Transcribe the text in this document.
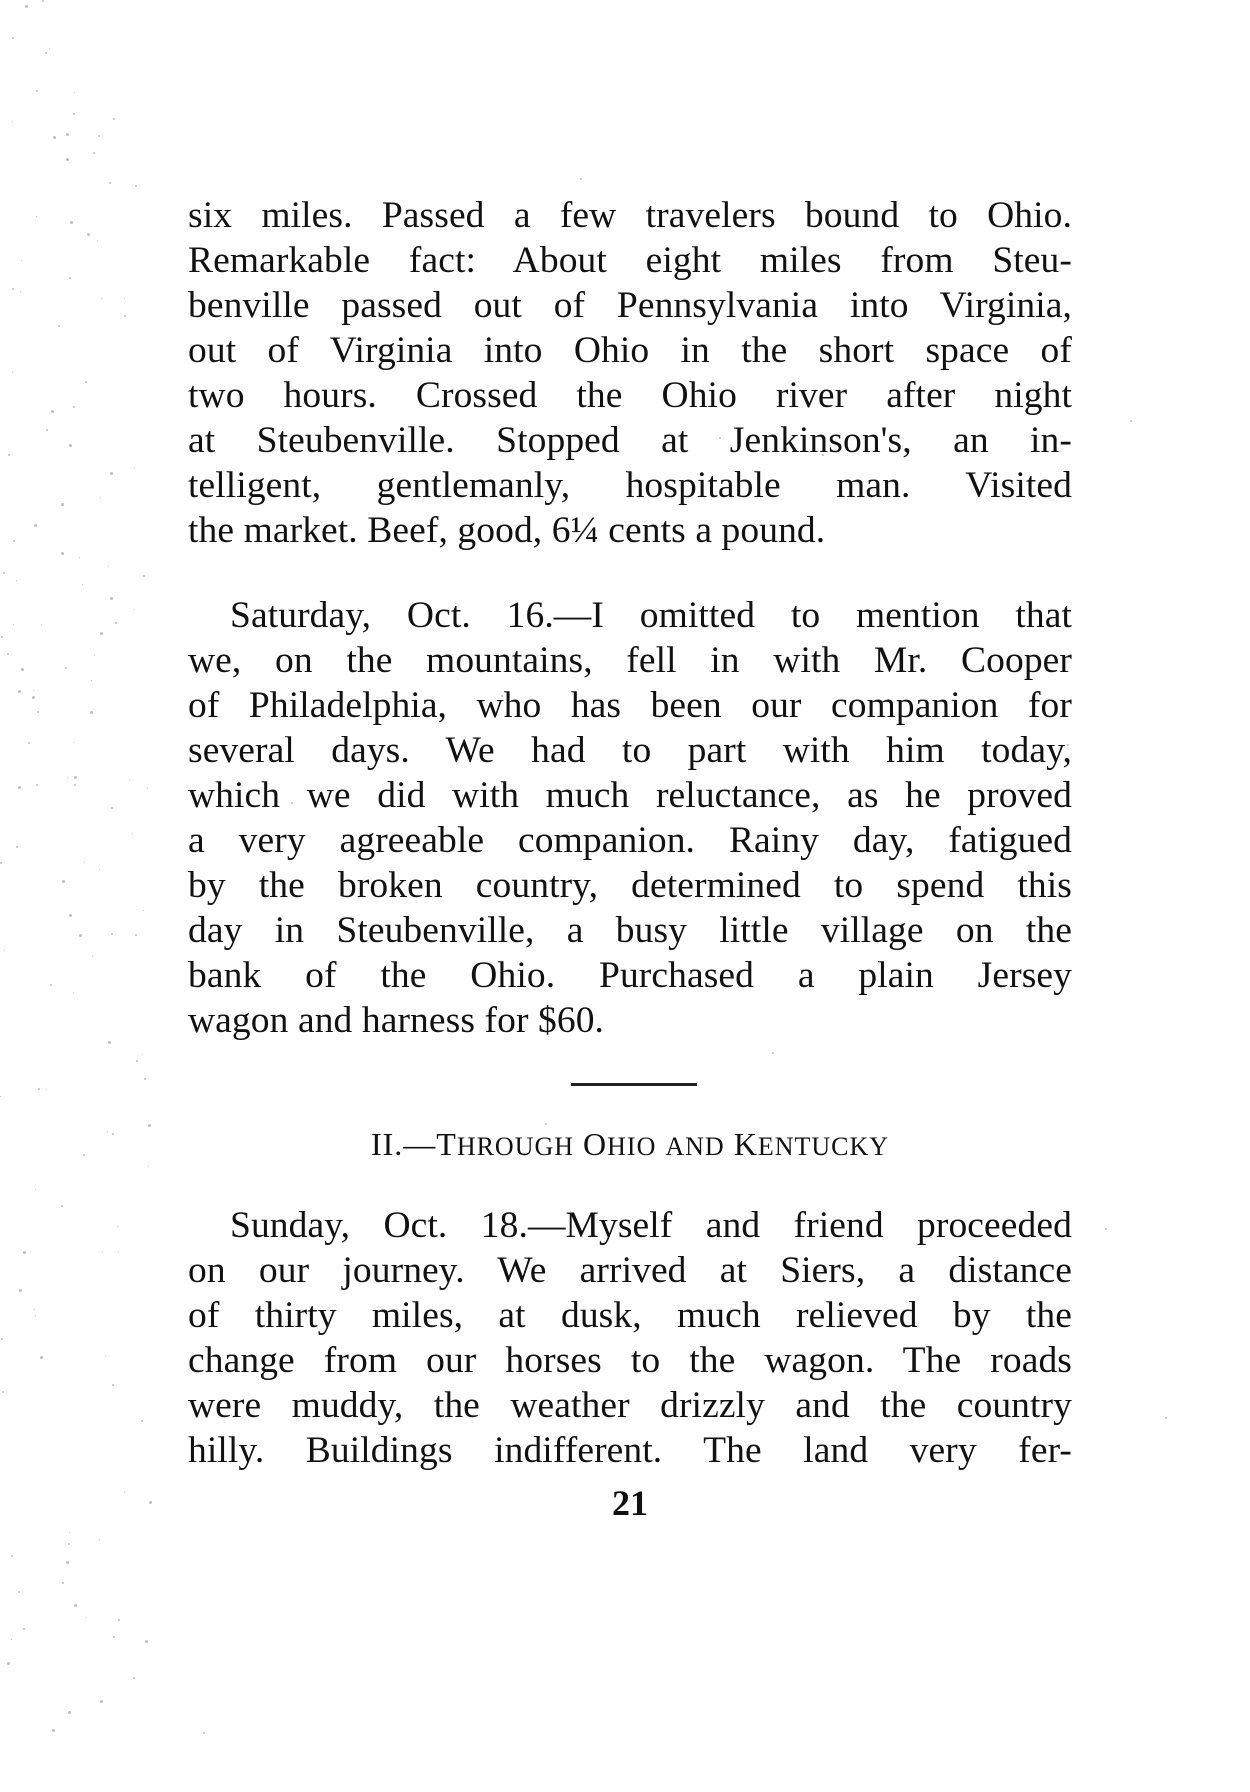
six miles. Passed a few travelers bound to Ohio.
Remarkable fact: About eight miles from Steu-
benville passed out of Pennsylvania into Virginia,
out of Virginia into Ohio in the short space of
two hours. Crossed the Ohio river after night
at Steubenville. Stopped at Jenkinson's, an in-
telligent, gentlemanly, hospitable man. Visited
the market. Beef, good, 6¼ cents a pound.
Saturday, Oct. 16.—I omitted to mention that
we, on the mountains, fell in with Mr. Cooper
of Philadelphia, who has been our companion for
several days. We had to part with him today,
which we did with much reluctance, as he proved
a very agreeable companion. Rainy day, fatigued
by the broken country, determined to spend this
day in Steubenville, a busy little village on the
bank of the Ohio. Purchased a plain Jersey
wagon and harness for $60.
II.—THROUGH OHIO AND KENTUCKY
Sunday, Oct. 18.—Myself and friend proceeded
on our journey. We arrived at Siers, a distance
of thirty miles, at dusk, much relieved by the
change from our horses to the wagon. The roads
were muddy, the weather drizzly and the country
hilly. Buildings indifferent. The land very fer-
21
